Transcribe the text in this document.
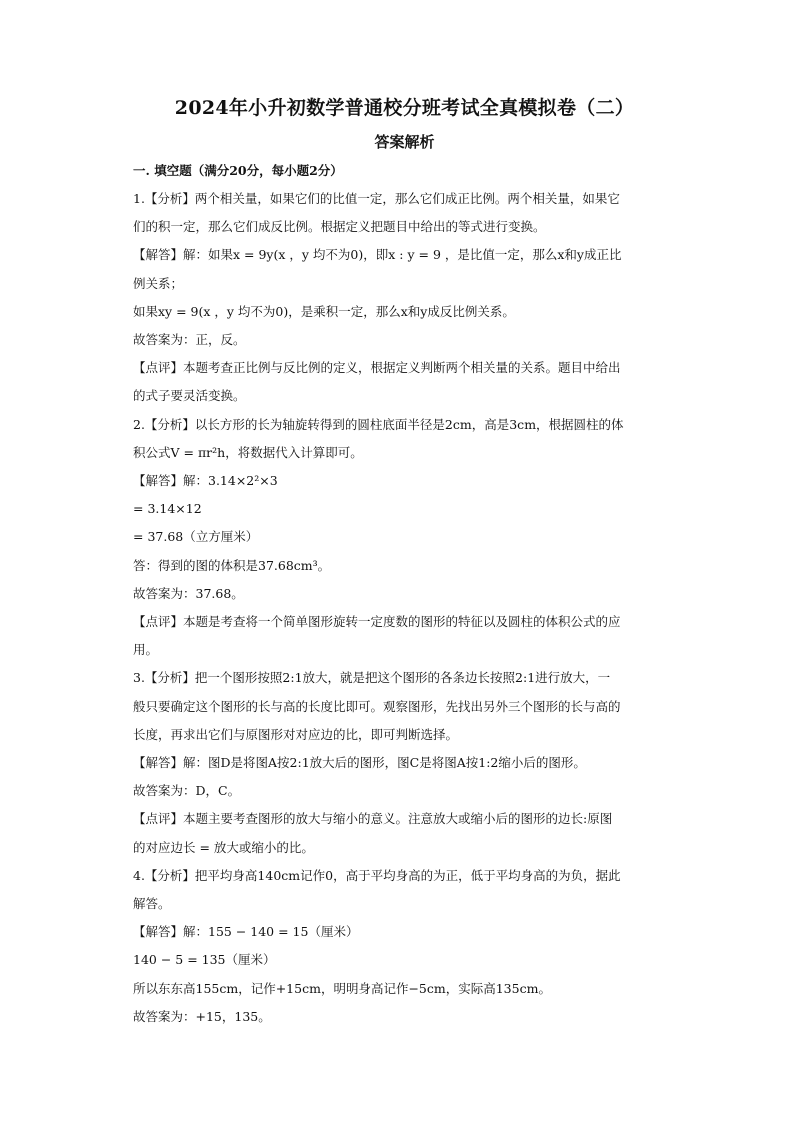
2024年小升初数学普通校分班考试全真模拟卷（二）
答案解析
一. 填空题（满分20分，每小题2分）

1.【分析】两个相关量，如果它们的比值一定，那么它们成正比例。两个相关量，如果它

们的积一定，那么它们成反比例。根据定义把题目中给出的等式进行变换。

【解答】解：如果x = 9y(x ，y 均不为0)，即x : y = 9 ，是比值一定，那么x和y成正比

例关系；

如果xy = 9(x ，y 均不为0)，是乘积一定，那么x和y成反比例关系。

故答案为：正，反。

【点评】本题考查正比例与反比例的定义，根据定义判断两个相关量的关系。题目中给出

的式子要灵活变换。

2.【分析】以长方形的长为轴旋转得到的圆柱底面半径是2cm，高是3cm，根据圆柱的体

积公式V = πr²h，将数据代入计算即可。

【解答】解：3.14×2²×3

= 3.14×12

= 37.68（立方厘米）

答：得到的图的体积是37.68cm³。

故答案为：37.68。

【点评】本题是考查将一个简单图形旋转一定度数的图形的特征以及圆柱的体积公式的应

用。

3.【分析】把一个图形按照2:1放大，就是把这个图形的各条边长按照2:1进行放大，一

般只要确定这个图形的长与高的长度比即可。观察图形，先找出另外三个图形的长与高的

长度，再求出它们与原图形对对应边的比，即可判断选择。

【解答】解：图D是将图A按2:1放大后的图形，图C是将图A按1:2缩小后的图形。

故答案为：D，C。

【点评】本题主要考查图形的放大与缩小的意义。注意放大或缩小后的图形的边长:原图

的对应边长 = 放大或缩小的比。

4.【分析】把平均身高140cm记作0，高于平均身高的为正，低于平均身高的为负，据此

解答。

【解答】解：155 − 140 = 15（厘米）

140 − 5 = 135（厘米）

所以东东高155cm，记作+15cm，明明身高记作−5cm，实际高135cm。

故答案为：+15，135。
